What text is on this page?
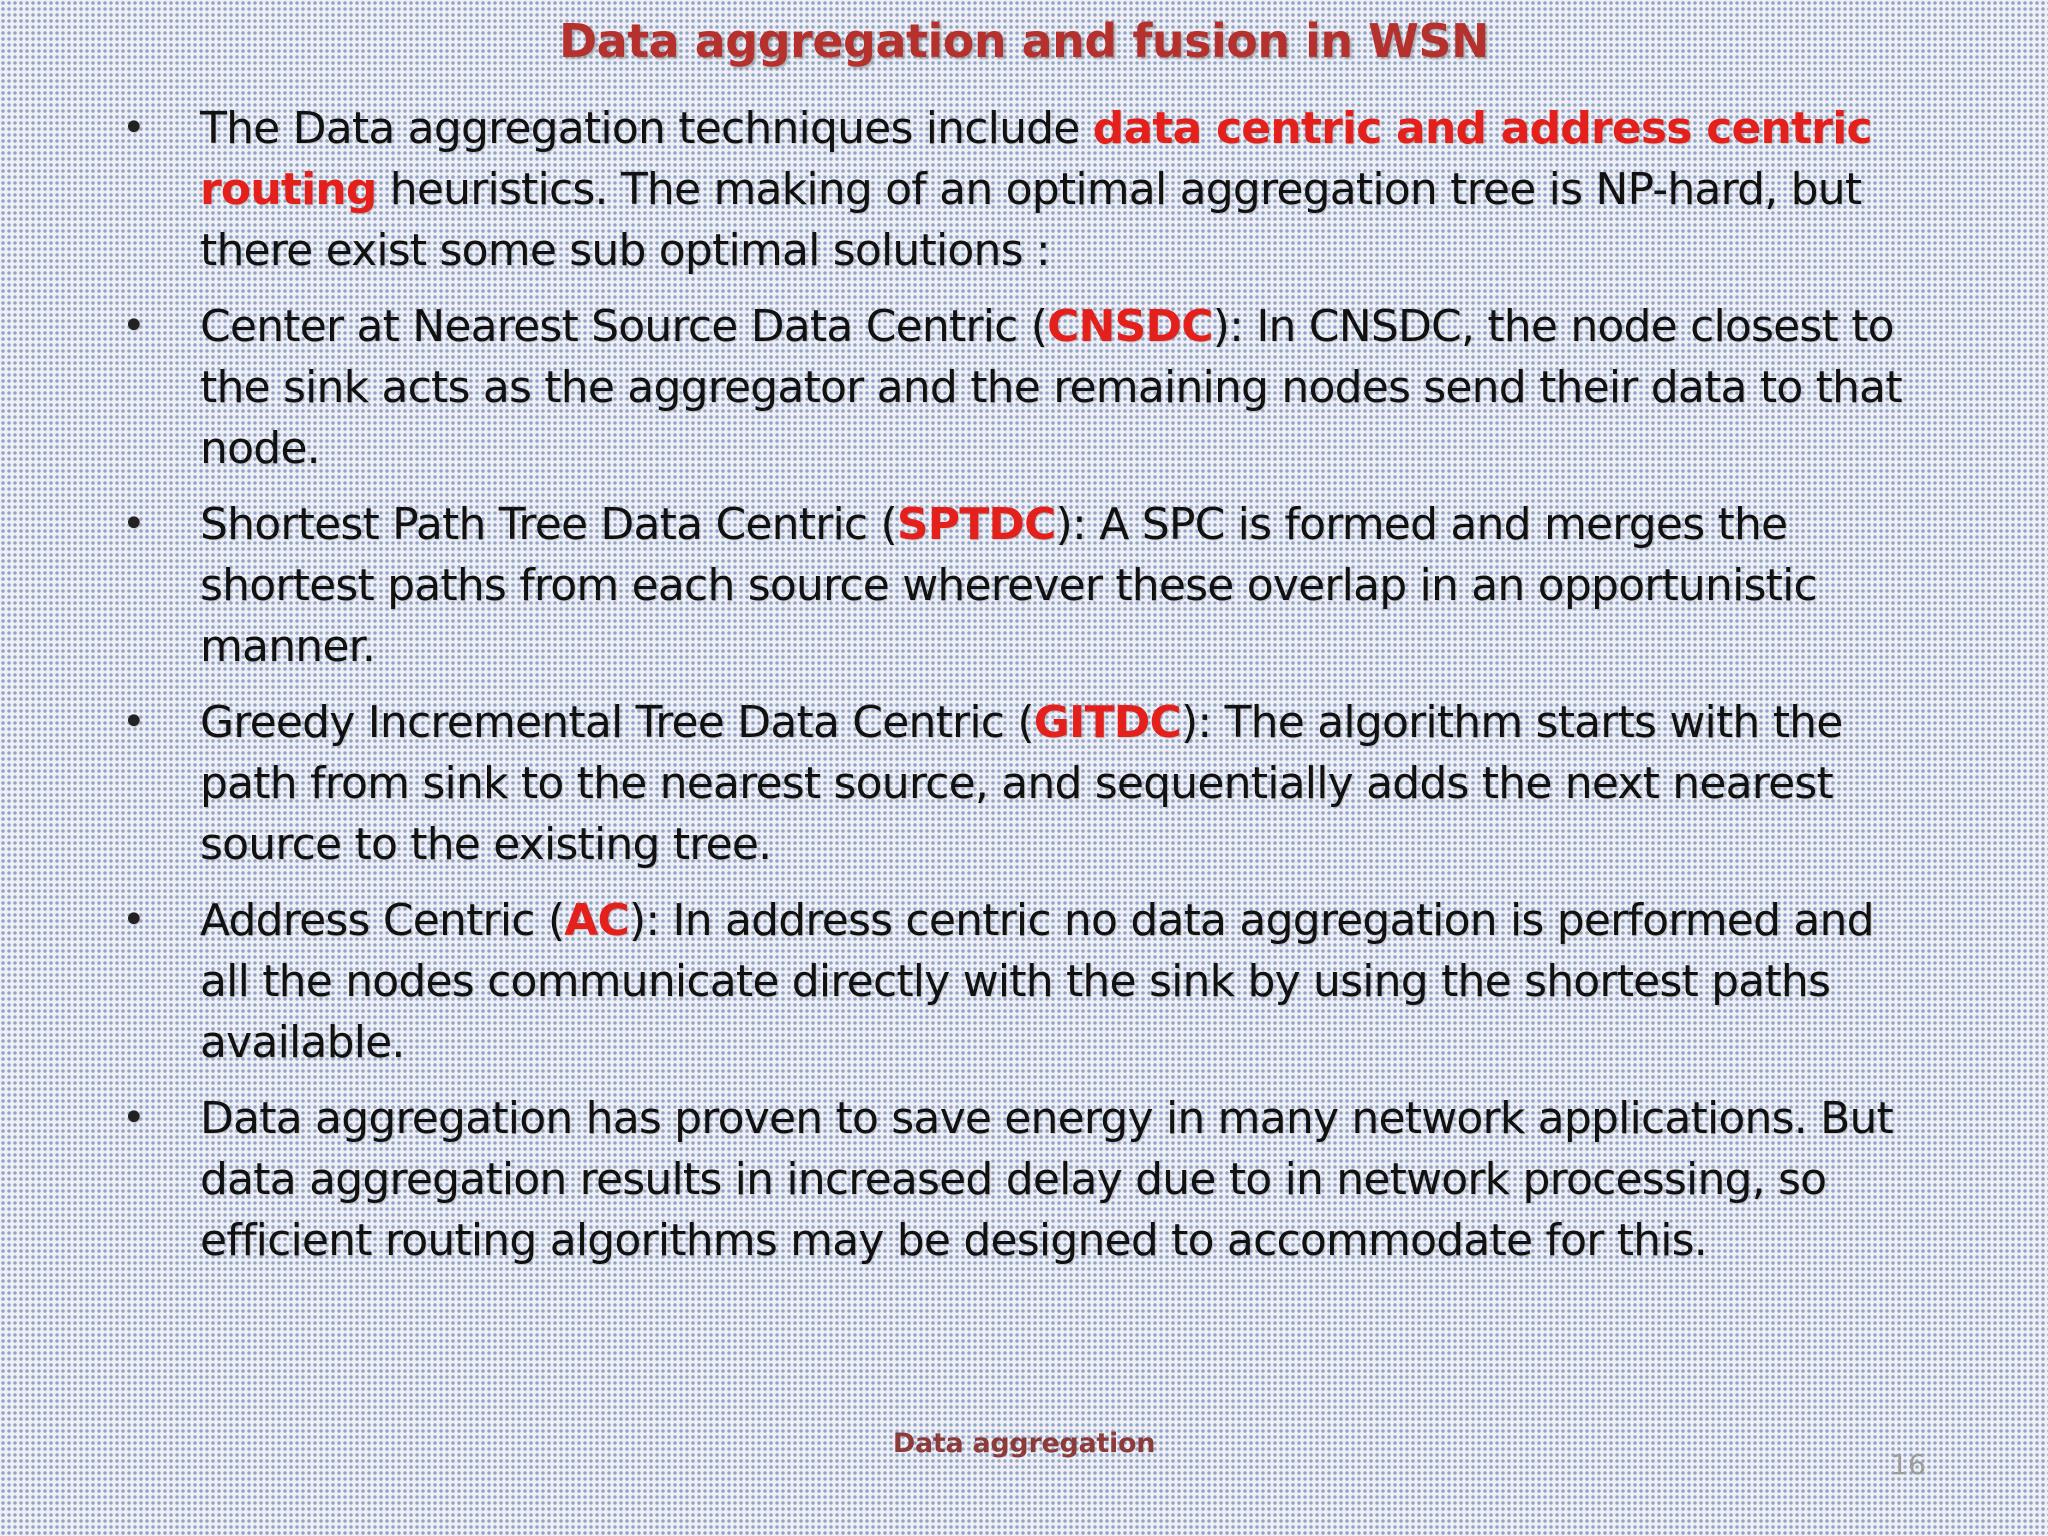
Data aggregation and fusion in WSN
• The Data aggregation techniques include data centric and address centric routing heuristics. The making of an optimal aggregation tree is NP-hard, but there exist some sub optimal solutions :
• Center at Nearest Source Data Centric (CNSDC): In CNSDC, the node closest to the sink acts as the aggregator and the remaining nodes send their data to that node.
• Shortest Path Tree Data Centric (SPTDC): A SPC is formed and merges the shortest paths from each source wherever these overlap in an opportunistic manner.
• Greedy Incremental Tree Data Centric (GITDC): The algorithm starts with the path from sink to the nearest source, and sequentially adds the next nearest source to the existing tree.
• Address Centric (AC): In address centric no data aggregation is performed and all the nodes communicate directly with the sink by using the shortest paths available.
• Data aggregation has proven to save energy in many network applications. But data aggregation results in increased delay due to in network processing, so efficient routing algorithms may be designed to accommodate for this.
Data aggregation
16
